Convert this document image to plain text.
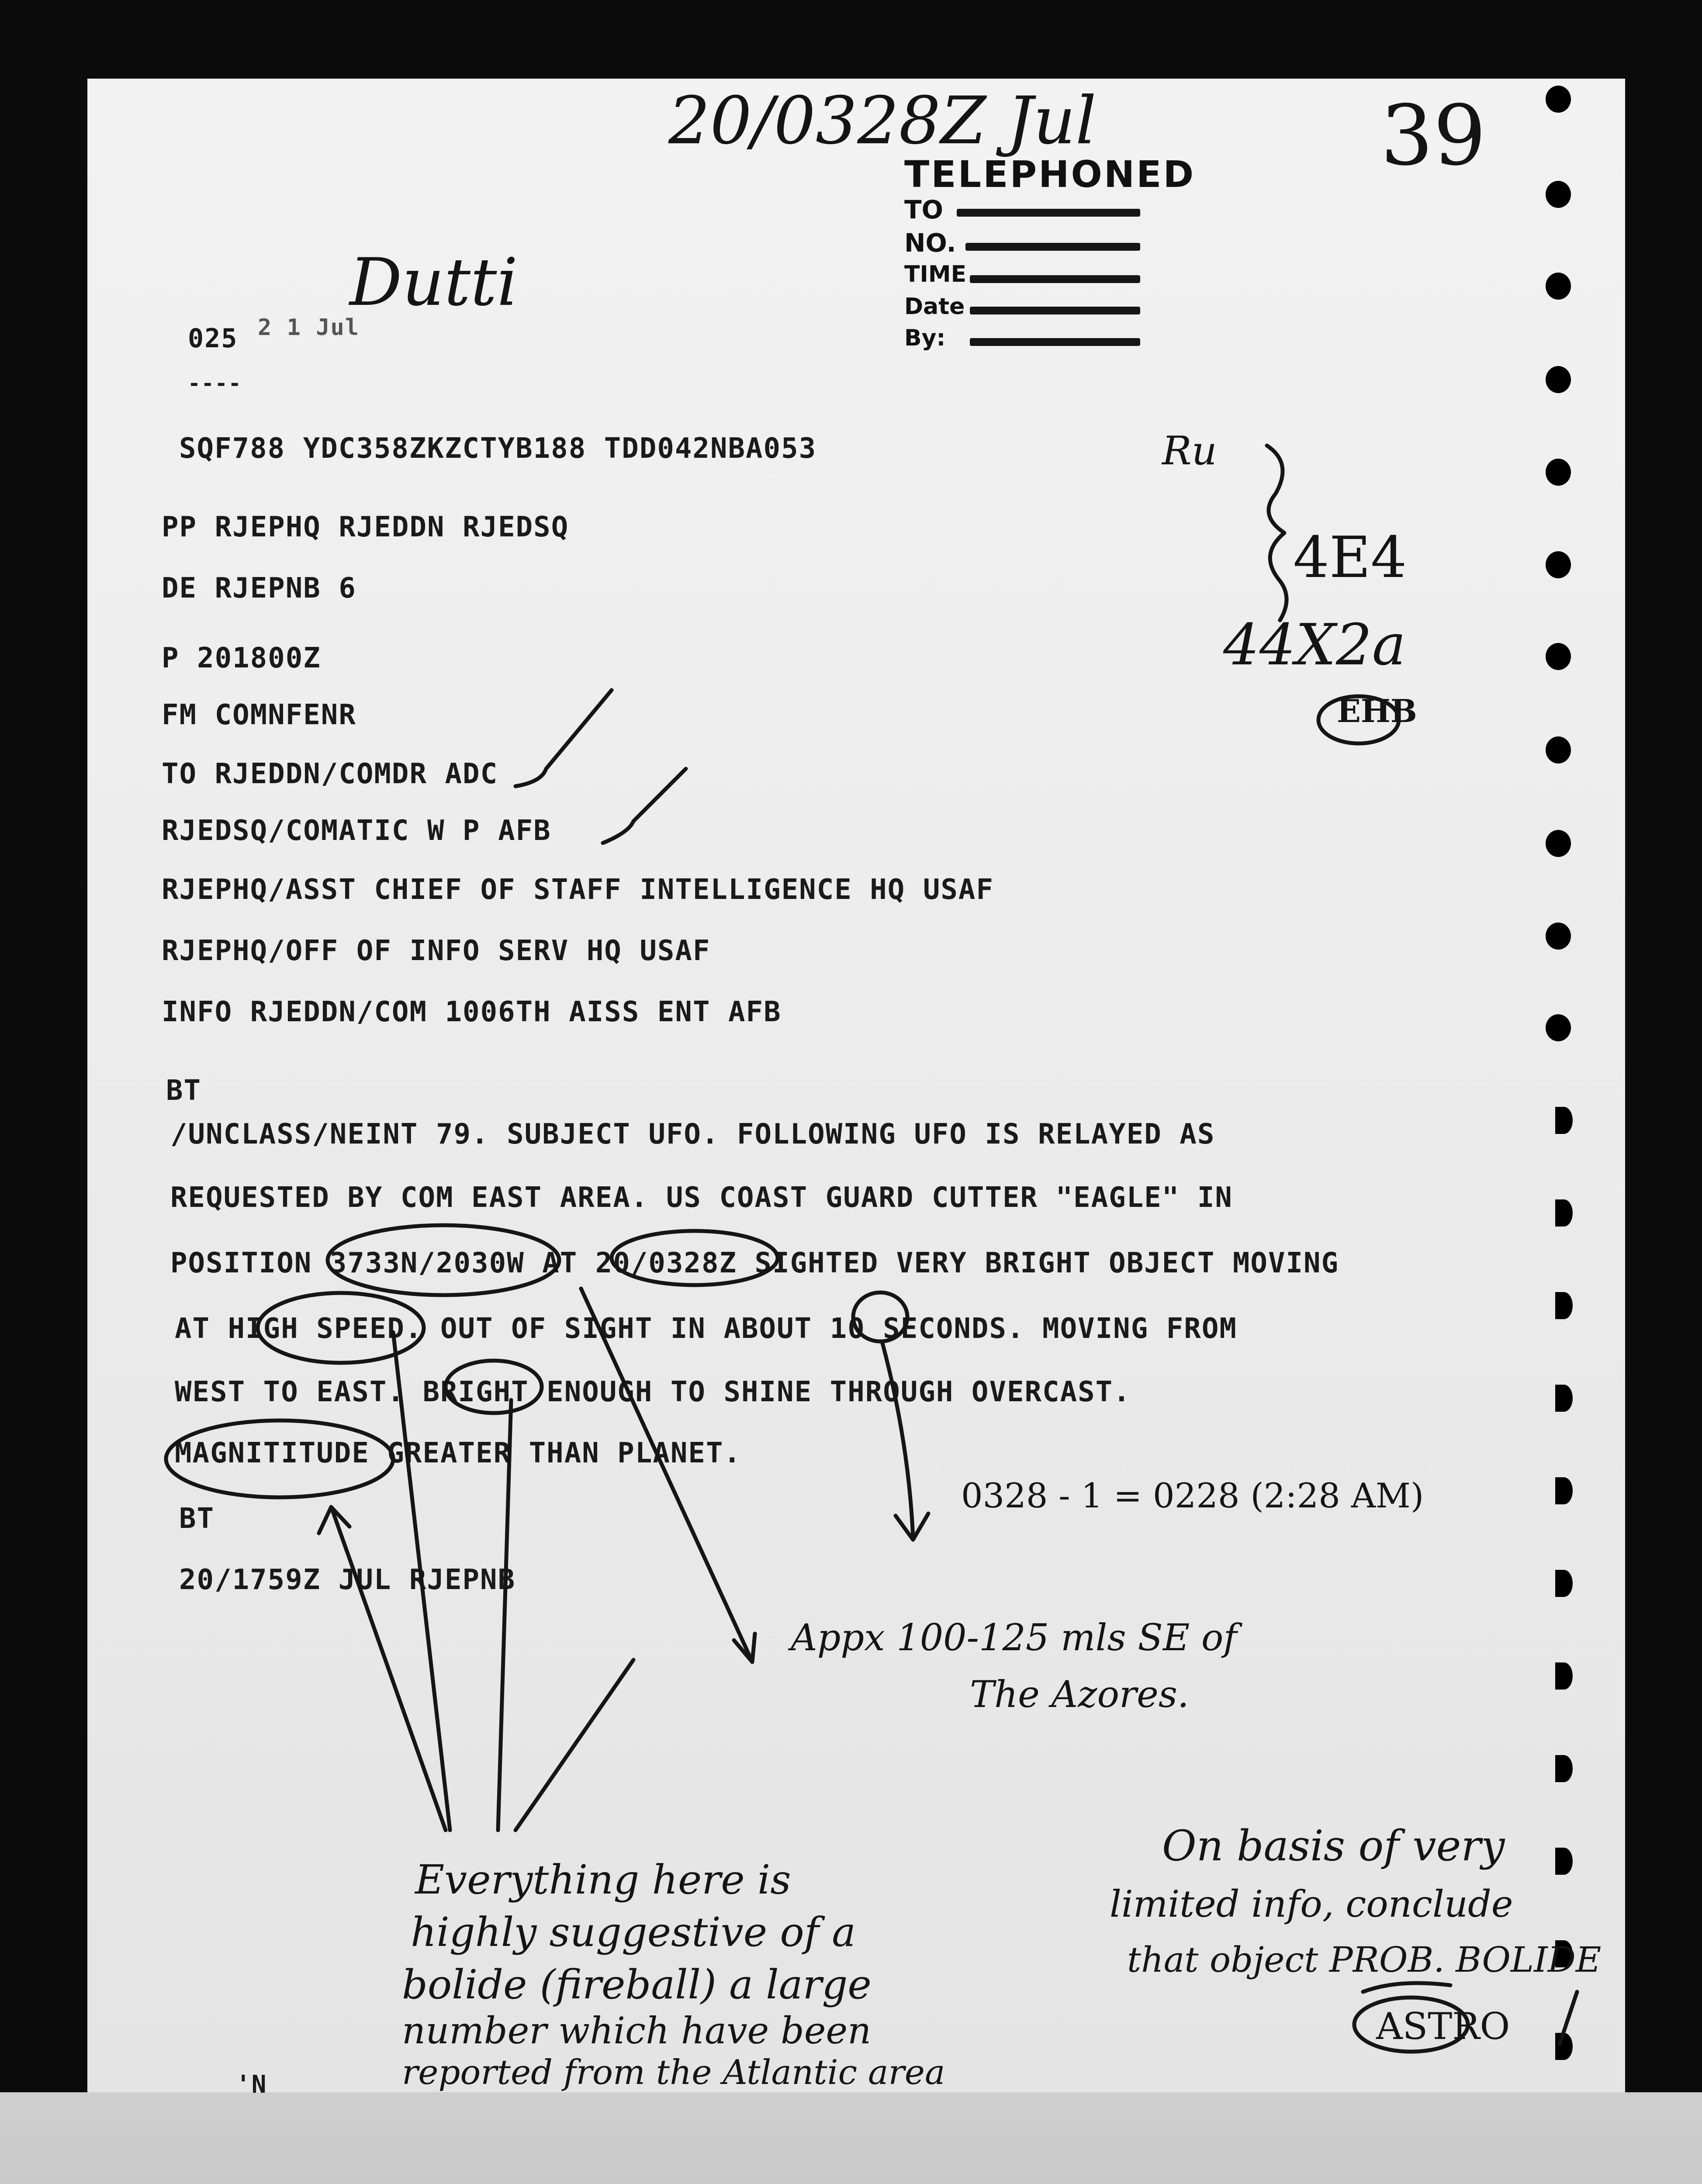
20/0328Z Jul	39
Dutti
TELEPHONED
TO
NO.
TIME
Date
By:
025 2 1 Jul
----
SQF788 YDC358ZKZCTYB188 TDD042NBA053
PP RJEPHQ RJEDDN RJEDSQ
DE RJEPNB 6
P 201800Z
FM COMNFENR
TO RJEDDN/COMDR ADC
RJEDSQ/COMATIC W P AFB
RJEPHQ/ASST CHIEF OF STAFF INTELLIGENCE HQ USAF
RJEPHQ/OFF OF INFO SERV HQ USAF
INFO RJEDDN/COM 1006TH AISS ENT AFB
BT
/UNCLASS/NEINT 79. SUBJECT UFO. FOLLOWING UFO IS RELAYED AS
REQUESTED BY COM EAST AREA. US COAST GUARD CUTTER "EAGLE" IN
POSITION 3733N/2030W AT 20/0328Z SIGHTED VERY BRIGHT OBJECT MOVING
AT HIGH SPEED. OUT OF SIGHT IN ABOUT 10 SECONDS. MOVING FROM
WEST TO EAST. BRIGHT ENOUGH TO SHINE THROUGH OVERCAST.
MAGNITITUDE GREATER THAN PLANET.
BT
20/1759Z JUL RJEPNB
'N
Ru
4E4
44X2a
EHB
0328 - 1 = 0228 (2:28 AM)
Appx 100-125 mls SE of
The Azores.
Everything here is
highly suggestive of a
bolide (fireball) a large
number which have been
reported from the Atlantic area
On basis of very
limited info, conclude
that object PROB. BOLIDE
ASTRO
